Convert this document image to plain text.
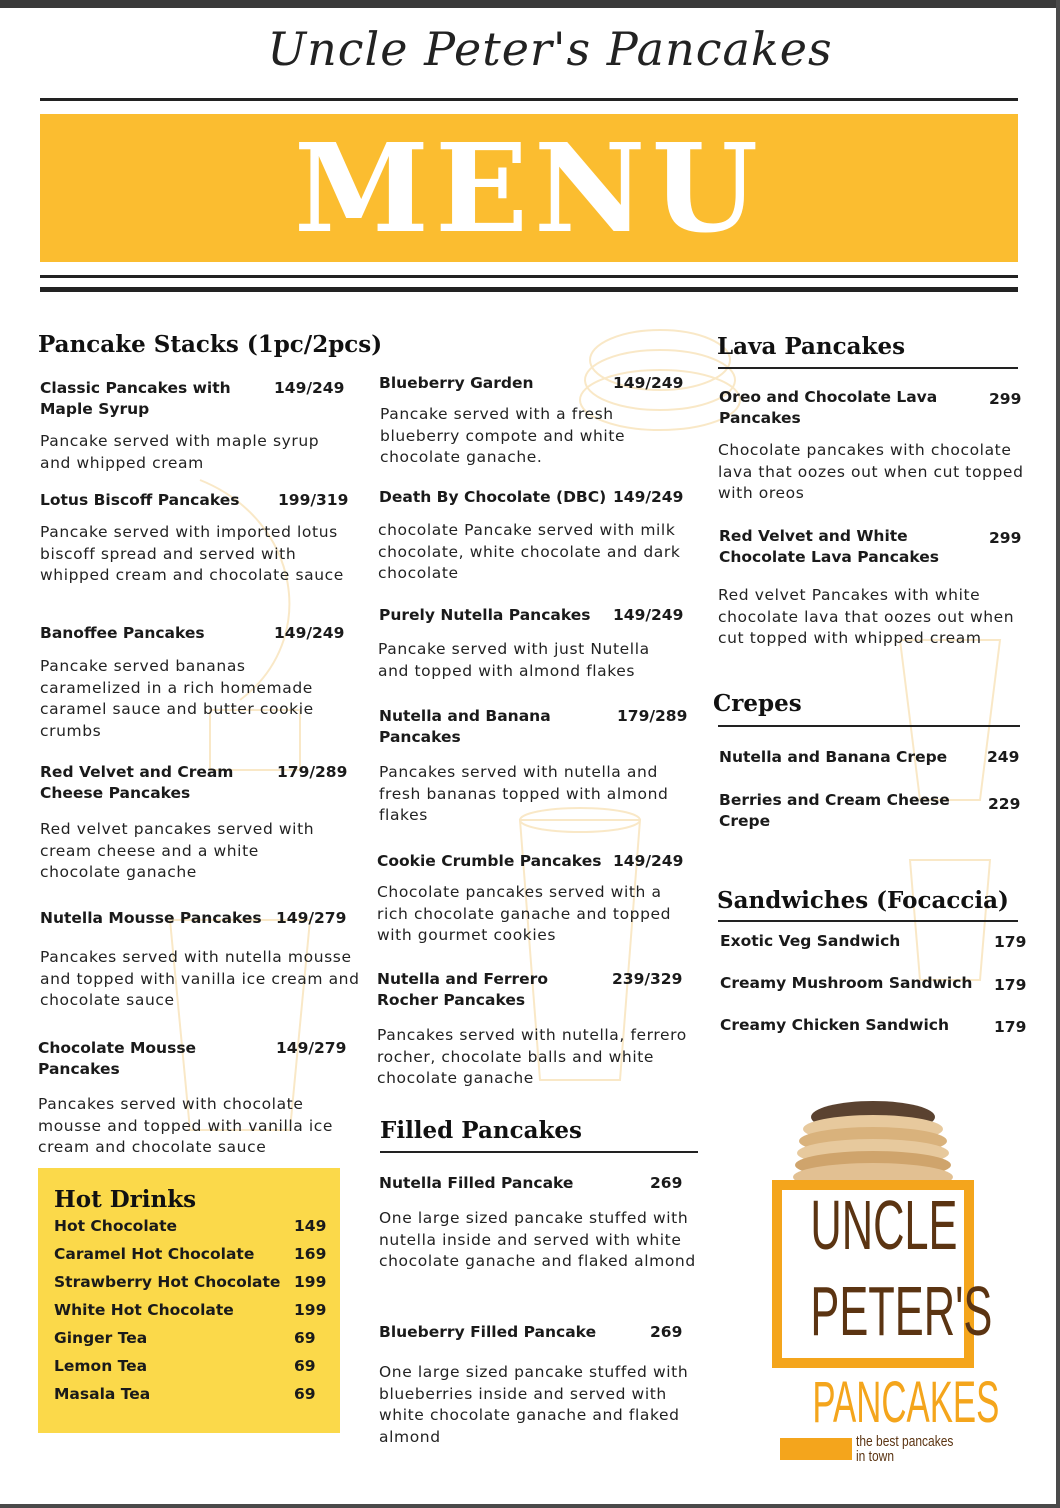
Uncle Peter's Pancakes
MENU
Pancake Stacks (1pc/2pcs)
Classic Pancakes with Maple Syrup
149/249
Pancake served with maple syrup and whipped cream
Lotus Biscoff Pancakes	199/319
Pancake served with imported lotus biscoff spread and served with whipped cream and chocolate sauce
Banoffee Pancakes	149/249
Pancake served bananas caramelized in a rich homemade caramel sauce and butter cookie crumbs
Red Velvet and Cream Cheese Pancakes
179/289
Red velvet pancakes served with cream cheese and a white chocolate ganache
Nutella Mousse Pancakes 149/279
Pancakes served with nutella mousse and topped with vanilla ice cream and chocolate sauce
Chocolate Mousse Pancakes
149/279
Pancakes served with chocolate mousse and topped with vanilla ice cream and chocolate sauce
Hot Drinks
Hot Chocolate	149
Caramel Hot Chocolate	169
Strawberry Hot Chocolate 199
White Hot Chocolate	199
Ginger Tea	69
Lemon Tea	69
Masala Tea	69
Blueberry Garden	149/249
Pancake served with a fresh blueberry compote and white chocolate ganache.
Death By Chocolate (DBC) 149/249
chocolate Pancake served with milk chocolate, white chocolate and dark chocolate
Purely Nutella Pancakes	149/249
Pancake served with just Nutella and topped with almond flakes
Nutella and Banana Pancakes
179/289
Pancakes served with nutella and fresh bananas topped with almond flakes
Cookie Crumble Pancakes 149/249
Chocolate pancakes served with a rich chocolate ganache and topped with gourmet cookies
Nutella and Ferrero Rocher Pancakes
239/329
Pancakes served with nutella, ferrero rocher, chocolate balls and white chocolate ganache
Filled Pancakes
Nutella Filled Pancake	269
One large sized pancake stuffed with nutella inside and served with white chocolate ganache and flaked almond
Blueberry Filled Pancake	269
One large sized pancake stuffed with blueberries inside and served with white chocolate ganache and flaked almond
Lava Pancakes
Oreo and Chocolate Lava Pancakes
299
Chocolate pancakes with chocolate lava that oozes out when cut topped with oreos
Red Velvet and White Chocolate Lava Pancakes
299
Red velvet Pancakes with white chocolate lava that oozes out when cut topped with whipped cream
Crepes
Nutella and Banana Crepe	249
Berries and Cream Cheese Crepe
229
Sandwiches (Focaccia)
Exotic Veg Sandwich	179
Creamy Mushroom Sandwich 179
Creamy Chicken Sandwich	179
UNCLE
PETER'S
PANCAKES
the best pancakes
in town
